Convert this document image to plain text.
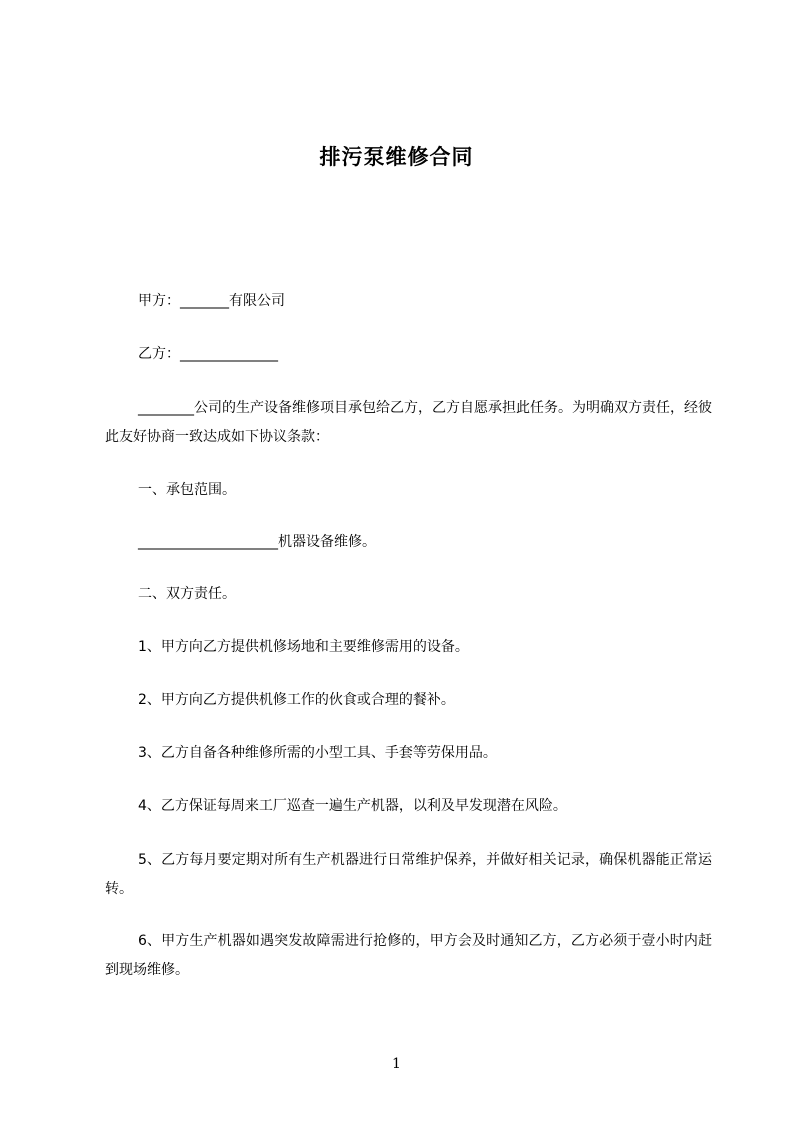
排污泵维修合同
甲方：_______有限公司
乙方：______________
________公司的生产设备维修项目承包给乙方，乙方自愿承担此任务。为明确双方责任，经彼此友好协商一致达成如下协议条款：
一、承包范围。
____________________机器设备维修。
二、双方责任。
1、甲方向乙方提供机修场地和主要维修需用的设备。
2、甲方向乙方提供机修工作的伙食或合理的餐补。
3、乙方自备各种维修所需的小型工具、手套等劳保用品。
4、乙方保证每周来工厂巡查一遍生产机器，以利及早发现潜在风险。
5、乙方每月要定期对所有生产机器进行日常维护保养，并做好相关记录，确保机器能正常运转。
6、甲方生产机器如遇突发故障需进行抢修的，甲方会及时通知乙方，乙方必须于壹小时内赶到现场维修。
1
